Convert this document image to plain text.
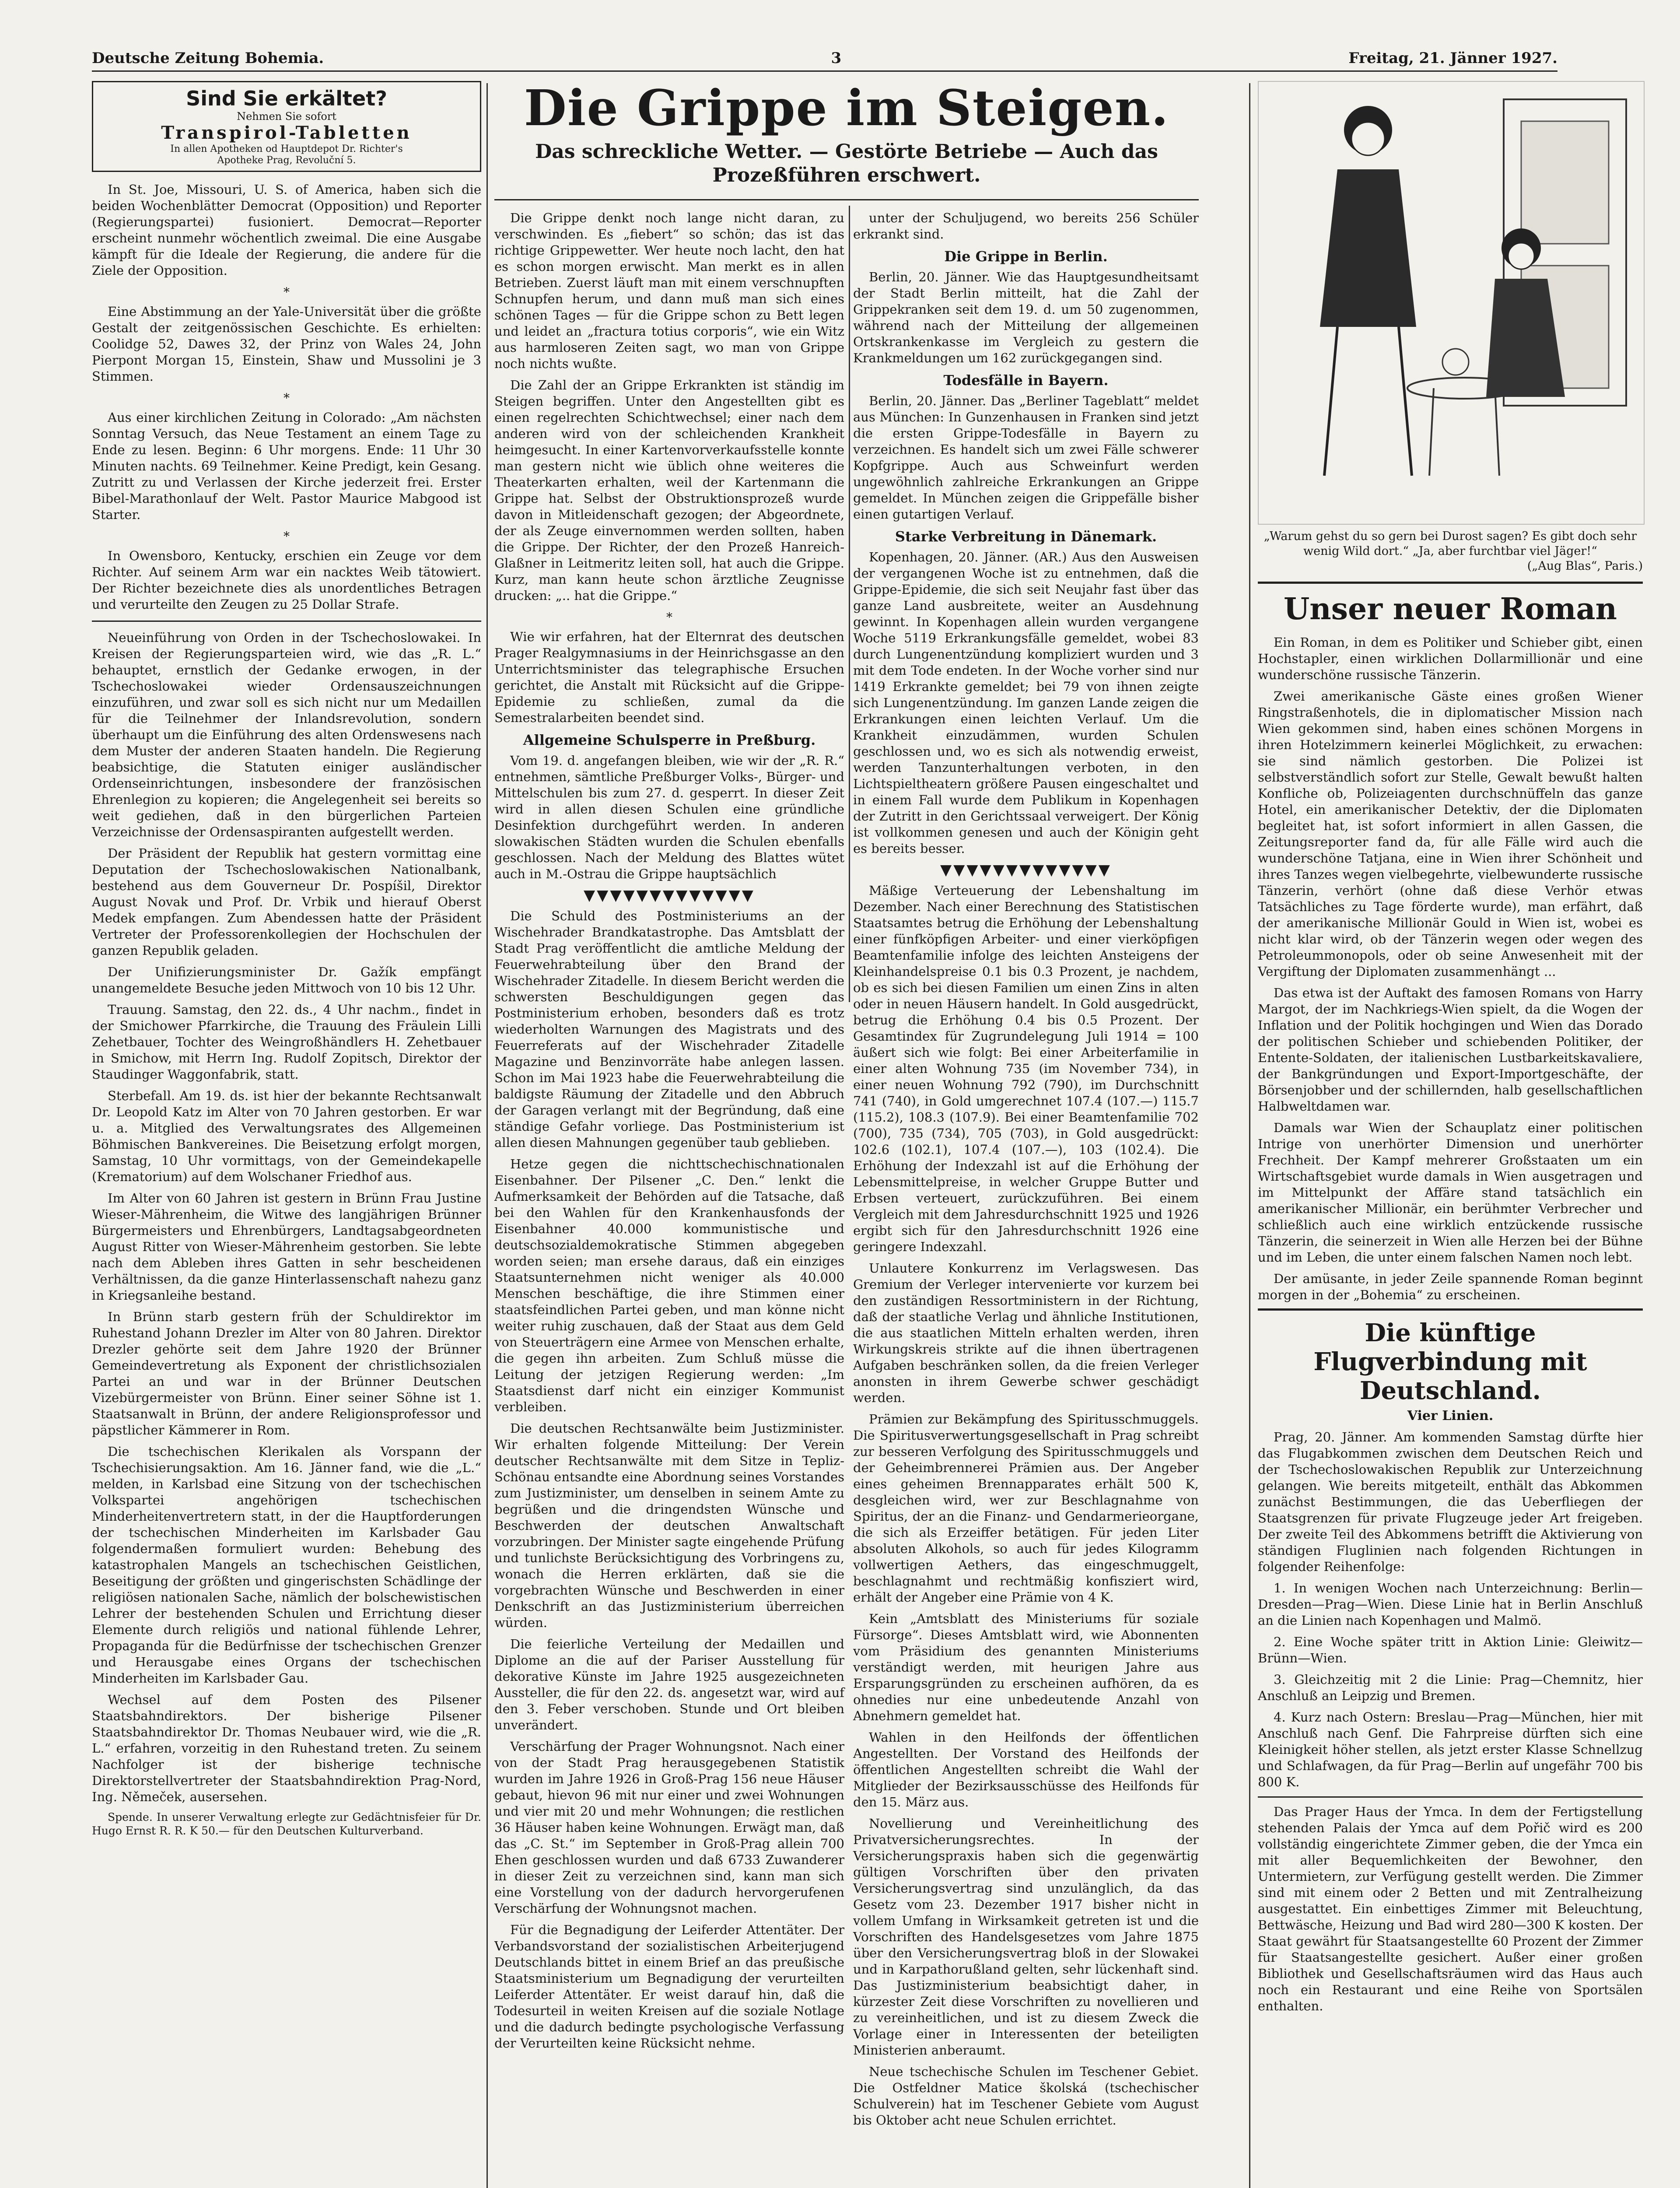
Deutsche Zeitung Bohemia.	3	Freitag, 21. Jänner 1927.
Sind Sie erkältet?
Nehmen Sie sofort
Transpirol-Tabletten
In allen Apotheken od Hauptdepot Dr. Richter's
Apotheke Prag, Revoluční 5.

In St. Joe, Missouri, U. S. of America, haben sich die beiden Wochenblätter Democrat (Opposition) und Reporter (Regierungspartei) fusioniert. Democrat—Reporter erscheint nunmehr wöchentlich zweimal. Die eine Ausgabe kämpft für die Ideale der Regierung, die andere für die Ziele der Opposition.

*

Eine Abstimmung an der Yale-Universität über die größte Gestalt der zeitgenössischen Geschichte. Es erhielten: Coolidge 52, Dawes 32, der Prinz von Wales 24, John Pierpont Morgan 15, Einstein, Shaw und Mussolini je 3 Stimmen.

*

Aus einer kirchlichen Zeitung in Colorado: „Am nächsten Sonntag Versuch, das Neue Testament an einem Tage zu Ende zu lesen. Beginn: 6 Uhr morgens. Ende: 11 Uhr 30 Minuten nachts. 69 Teilnehmer. Keine Predigt, kein Gesang. Zutritt zu und Verlassen der Kirche jederzeit frei. Erster Bibel-Marathonlauf der Welt. Pastor Maurice Mabgood ist Starter.

*

In Owensboro, Kentucky, erschien ein Zeuge vor dem Richter. Auf seinem Arm war ein nacktes Weib tätowiert. Der Richter bezeichnete dies als unordentliches Betragen und verurteilte den Zeugen zu 25 Dollar Strafe.

Neueinführung von Orden in der Tschechoslowakei. In Kreisen der Regierungsparteien wird, wie das „R. L.“ behauptet, ernstlich der Gedanke erwogen, in der Tschechoslowakei wieder Ordensauszeichnungen einzuführen, und zwar soll es sich nicht nur um Medaillen für die Teilnehmer der Inlandsrevolution, sondern überhaupt um die Einführung des alten Ordenswesens nach dem Muster der anderen Staaten handeln. Die Regierung beabsichtige, die Statuten einiger ausländischer Ordenseinrichtungen, insbesondere der französischen Ehrenlegion zu kopieren; die Angelegenheit sei bereits so weit gediehen, daß in den bürgerlichen Parteien Verzeichnisse der Ordensaspiranten aufgestellt werden.

Der Präsident der Republik hat gestern vormittag eine Deputation der Tschechoslowakischen Nationalbank, bestehend aus dem Gouverneur Dr. Pospíšil, Direktor August Novak und Prof. Dr. Vrbik und hierauf Oberst Medek empfangen. Zum Abendessen hatte der Präsident Vertreter der Professorenkollegien der Hochschulen der ganzen Republik geladen.

Der Unifizierungsminister Dr. Gažík empfängt unangemeldete Besuche jeden Mittwoch von 10 bis 12 Uhr.

Trauung. Samstag, den 22. ds., 4 Uhr nachm., findet in der Smichower Pfarrkirche, die Trauung des Fräulein Lilli Zehetbauer, Tochter des Weingroßhändlers H. Zehetbauer in Smichow, mit Herrn Ing. Rudolf Zopitsch, Direktor der Staudinger Waggonfabrik, statt.

Sterbefall. Am 19. ds. ist hier der bekannte Rechtsanwalt Dr. Leopold Katz im Alter von 70 Jahren gestorben. Er war u. a. Mitglied des Verwaltungsrates des Allgemeinen Böhmischen Bankvereines. Die Beisetzung erfolgt morgen, Samstag, 10 Uhr vormittags, von der Gemeindekapelle (Krematorium) auf dem Wolschaner Friedhof aus.

Im Alter von 60 Jahren ist gestern in Brünn Frau Justine Wieser-Mährenheim, die Witwe des langjährigen Brünner Bürgermeisters und Ehrenbürgers, Landtagsabgeordneten August Ritter von Wieser-Mährenheim gestorben. Sie lebte nach dem Ableben ihres Gatten in sehr bescheidenen Verhältnissen, da die ganze Hinterlassenschaft nahezu ganz in Kriegsanleihe bestand.

In Brünn starb gestern früh der Schuldirektor im Ruhestand Johann Drezler im Alter von 80 Jahren. Direktor Drezler gehörte seit dem Jahre 1920 der Brünner Gemeindevertretung als Exponent der christlichsozialen Partei an und war in der Brünner Deutschen Vizebürgermeister von Brünn. Einer seiner Söhne ist 1. Staatsanwalt in Brünn, der andere Religionsprofessor und päpstlicher Kämmerer in Rom.

Die tschechischen Klerikalen als Vorspann der Tschechisierungsaktion. Am 16. Jänner fand, wie die „L.“ melden, in Karlsbad eine Sitzung von der tschechischen Volkspartei angehörigen tschechischen Minderheitenvertretern statt, in der die Hauptforderungen der tschechischen Minderheiten im Karlsbader Gau folgendermaßen formuliert wurden: Behebung des katastrophalen Mangels an tschechischen Geistlichen, Beseitigung der größten und gingerischsten Schädlinge der religiösen nationalen Sache, nämlich der bolschewistischen Lehrer der bestehenden Schulen und Errichtung dieser Elemente durch religiös und national fühlende Lehrer, Propaganda für die Bedürfnisse der tschechischen Grenzer und Herausgabe eines Organs der tschechischen Minderheiten im Karlsbader Gau.

Wechsel auf dem Posten des Pilsener Staatsbahndirektors. Der bisherige Pilsener Staatsbahndirektor Dr. Thomas Neubauer wird, wie die „R. L.“ erfahren, vorzeitig in den Ruhestand treten. Zu seinem Nachfolger ist der bisherige technische Direktorstellvertreter der Staatsbahndirektion Prag-Nord, Ing. Němeček, ausersehen.

Spende. In unserer Verwaltung erlegte zur Gedächtnisfeier für Dr. Hugo Ernst R. R. K 50.— für den Deutschen Kulturverband.

Die Grippe im Steigen.
Das schreckliche Wetter. — Gestörte Betriebe — Auch das Prozeßführen erschwert.

Die Grippe denkt noch lange nicht daran, zu verschwinden. Es „fiebert“ so schön; das ist das richtige Grippewetter. Wer heute noch lacht, den hat es schon morgen erwischt. Man merkt es in allen Betrieben. Zuerst läuft man mit einem verschnupften Schnupfen herum, und dann muß man sich eines schönen Tages — für die Grippe schon zu Bett legen und leidet an „fractura totius corporis“, wie ein Witz aus harmloseren Zeiten sagt, wo man von Grippe noch nichts wußte.

Die Zahl der an Grippe Erkrankten ist ständig im Steigen begriffen. Unter den Angestellten gibt es einen regelrechten Schichtwechsel; einer nach dem anderen wird von der schleichenden Krankheit heimgesucht. In einer Kartenvorverkaufsstelle konnte man gestern nicht wie üblich ohne weiteres die Theaterkarten erhalten, weil der Kartenmann die Grippe hat. Selbst der Obstruktionsprozeß wurde davon in Mitleidenschaft gezogen; der Abgeordnete, der als Zeuge einvernommen werden sollten, haben die Grippe. Der Richter, der den Prozeß Hanreich-Glaßner in Leitmeritz leiten soll, hat auch die Grippe. Kurz, man kann heute schon ärztliche Zeugnisse drucken: „.. hat die Grippe.“

*

Wie wir erfahren, hat der Elternrat des deutschen Prager Realgymnasiums in der Heinrichsgasse an den Unterrichtsminister das telegraphische Ersuchen gerichtet, die Anstalt mit Rücksicht auf die Grippe-Epidemie zu schließen, zumal da die Semestralarbeiten beendet sind.

Allgemeine Schulsperre in Preßburg.

Vom 19. d. angefangen bleiben, wie wir der „R. R.“ entnehmen, sämtliche Preßburger Volks-, Bürger- und Mittelschulen bis zum 27. d. gesperrt. In dieser Zeit wird in allen diesen Schulen eine gründliche Desinfektion durchgeführt werden. In anderen slowakischen Städten wurden die Schulen ebenfalls geschlossen. Nach der Meldung des Blattes wütet auch in M.-Ostrau die Grippe hauptsächlich

▼▼▼▼▼▼▼▼▼▼▼▼▼

Die Schuld des Postministeriums an der Wischehrader Brandkatastrophe. Das Amtsblatt der Stadt Prag veröffentlicht die amtliche Meldung der Feuerwehrabteilung über den Brand der Wischehrader Zitadelle. In diesem Bericht werden die schwersten Beschuldigungen gegen das Postministerium erhoben, besonders daß es trotz wiederholten Warnungen des Magistrats und des Feuerreferats auf der Wischehrader Zitadelle Magazine und Benzinvorräte habe anlegen lassen. Schon im Mai 1923 habe die Feuerwehrabteilung die baldigste Räumung der Zitadelle und den Abbruch der Garagen verlangt mit der Begründung, daß eine ständige Gefahr vorliege. Das Postministerium ist allen diesen Mahnungen gegenüber taub geblieben.

Hetze gegen die nichttschechischnationalen Eisenbahner. Der Pilsener „C. Den.“ lenkt die Aufmerksamkeit der Behörden auf die Tatsache, daß bei den Wahlen für den Krankenhausfonds der Eisenbahner 40.000 kommunistische und deutschsozialdemokratische Stimmen abgegeben worden seien; man ersehe daraus, daß ein einziges Staatsunternehmen nicht weniger als 40.000 Menschen beschäftige, die ihre Stimmen einer staatsfeindlichen Partei geben, und man könne nicht weiter ruhig zuschauen, daß der Staat aus dem Geld von Steuerträgern eine Armee von Menschen erhalte, die gegen ihn arbeiten. Zum Schluß müsse die Leitung der jetzigen Regierung werden: „Im Staatsdienst darf nicht ein einziger Kommunist verbleiben.

Die deutschen Rechtsanwälte beim Justizminister. Wir erhalten folgende Mitteilung: Der Verein deutscher Rechtsanwälte mit dem Sitze in Tepliz-Schönau entsandte eine Abordnung seines Vorstandes zum Justizminister, um denselben in seinem Amte zu begrüßen und die dringendsten Wünsche und Beschwerden der deutschen Anwaltschaft vorzubringen. Der Minister sagte eingehende Prüfung und tunlichste Berücksichtigung des Vorbringens zu, wonach die Herren erklärten, daß sie die vorgebrachten Wünsche und Beschwerden in einer Denkschrift an das Justizministerium überreichen würden.

Die feierliche Verteilung der Medaillen und Diplome an die auf der Pariser Ausstellung für dekorative Künste im Jahre 1925 ausgezeichneten Aussteller, die für den 22. ds. angesetzt war, wird auf den 3. Feber verschoben. Stunde und Ort bleiben unverändert.

Verschärfung der Prager Wohnungsnot. Nach einer von der Stadt Prag herausgegebenen Statistik wurden im Jahre 1926 in Groß-Prag 156 neue Häuser gebaut, hievon 96 mit nur einer und zwei Wohnungen und vier mit 20 und mehr Wohnungen; die restlichen 36 Häuser haben keine Wohnungen. Erwägt man, daß das „C. St.“ im September in Groß-Prag allein 700 Ehen geschlossen wurden und daß 6733 Zuwanderer in dieser Zeit zu verzeichnen sind, kann man sich eine Vorstellung von der dadurch hervorgerufenen Verschärfung der Wohnungsnot machen.

Für die Begnadigung der Leiferder Attentäter. Der Verbandsvorstand der sozialistischen Arbeiterjugend Deutschlands bittet in einem Brief an das preußische Staatsministerium um Begnadigung der verurteilten Leiferder Attentäter. Er weist darauf hin, daß die Todesurteil in weiten Kreisen auf die soziale Notlage und die dadurch bedingte psychologische Verfassung der Verurteilten keine Rücksicht nehme.

unter der Schuljugend, wo bereits 256 Schüler erkrankt sind.

Die Grippe in Berlin.

Berlin, 20. Jänner. Wie das Hauptgesundheitsamt der Stadt Berlin mitteilt, hat die Zahl der Grippekranken seit dem 19. d. um 50 zugenommen, während nach der Mitteilung der allgemeinen Ortskrankenkasse im Vergleich zu gestern die Krankmeldungen um 162 zurückgegangen sind.

Todesfälle in Bayern.

Berlin, 20. Jänner. Das „Berliner Tageblatt“ meldet aus München: In Gunzenhausen in Franken sind jetzt die ersten Grippe-Todesfälle in Bayern zu verzeichnen. Es handelt sich um zwei Fälle schwerer Kopfgrippe. Auch aus Schweinfurt werden ungewöhnlich zahlreiche Erkrankungen an Grippe gemeldet. In München zeigen die Grippefälle bisher einen gutartigen Verlauf.

Starke Verbreitung in Dänemark.

Kopenhagen, 20. Jänner. (AR.) Aus den Ausweisen der vergangenen Woche ist zu entnehmen, daß die Grippe-Epidemie, die sich seit Neujahr fast über das ganze Land ausbreitete, weiter an Ausdehnung gewinnt. In Kopenhagen allein wurden vergangene Woche 5119 Erkrankungsfälle gemeldet, wobei 83 durch Lungenentzündung kompliziert wurden und 3 mit dem Tode endeten. In der Woche vorher sind nur 1419 Erkrankte gemeldet; bei 79 von ihnen zeigte sich Lungenentzündung. Im ganzen Lande zeigen die Erkrankungen einen leichten Verlauf. Um die Krankheit einzudämmen, wurden Schulen geschlossen und, wo es sich als notwendig erweist, werden Tanzunterhaltungen verboten, in den Lichtspieltheatern größere Pausen eingeschaltet und in einem Fall wurde dem Publikum in Kopenhagen der Zutritt in den Gerichtssaal verweigert. Der König ist vollkommen genesen und auch der Königin geht es bereits besser.

▼▼▼▼▼▼▼▼▼▼▼▼▼

Mäßige Verteuerung der Lebenshaltung im Dezember. Nach einer Berechnung des Statistischen Staatsamtes betrug die Erhöhung der Lebenshaltung einer fünfköpfigen Arbeiter- und einer vierköpfigen Beamtenfamilie infolge des leichten Ansteigens der Kleinhandelspreise 0.1 bis 0.3 Prozent, je nachdem, ob es sich bei diesen Familien um einen Zins in alten oder in neuen Häusern handelt. In Gold ausgedrückt, betrug die Erhöhung 0.4 bis 0.5 Prozent. Der Gesamtindex für Zugrundelegung Juli 1914 = 100 äußert sich wie folgt: Bei einer Arbeiterfamilie in einer alten Wohnung 735 (im November 734), in einer neuen Wohnung 792 (790), im Durchschnitt 741 (740), in Gold umgerechnet 107.4 (107.—) 115.7 (115.2), 108.3 (107.9). Bei einer Beamtenfamilie 702 (700), 735 (734), 705 (703), in Gold ausgedrückt: 102.6 (102.1), 107.4 (107.—), 103 (102.4). Die Erhöhung der Indexzahl ist auf die Erhöhung der Lebensmittelpreise, in welcher Gruppe Butter und Erbsen verteuert, zurückzuführen. Bei einem Vergleich mit dem Jahresdurchschnitt 1925 und 1926 ergibt sich für den Jahresdurchschnitt 1926 eine geringere Indexzahl.

Unlautere Konkurrenz im Verlagswesen. Das Gremium der Verleger intervenierte vor kurzem bei den zuständigen Ressortministern in der Richtung, daß der staatliche Verlag und ähnliche Institutionen, die aus staatlichen Mitteln erhalten werden, ihren Wirkungskreis strikte auf die ihnen übertragenen Aufgaben beschränken sollen, da die freien Verleger anonsten in ihrem Gewerbe schwer geschädigt werden.

Prämien zur Bekämpfung des Spiritusschmuggels. Die Spiritusverwertungsgesellschaft in Prag schreibt zur besseren Verfolgung des Spiritusschmuggels und der Geheimbrennerei Prämien aus. Der Angeber eines geheimen Brennapparates erhält 500 K, desgleichen wird, wer zur Beschlagnahme von Spiritus, der an die Finanz- und Gendarmerieorgane, die sich als Erzeiffer betätigen. Für jeden Liter absoluten Alkohols, so auch für jedes Kilogramm vollwertigen Aethers, das eingeschmuggelt, beschlagnahmt und rechtmäßig konfisziert wird, erhält der Angeber eine Prämie von 4 K.

Kein „Amtsblatt des Ministeriums für soziale Fürsorge“. Dieses Amtsblatt wird, wie Abonnenten vom Präsidium des genannten Ministeriums verständigt werden, mit heurigen Jahre aus Ersparungsgründen zu erscheinen aufhören, da es ohnedies nur eine unbedeutende Anzahl von Abnehmern gemeldet hat.

Wahlen in den Heilfonds der öffentlichen Angestellten. Der Vorstand des Heilfonds der öffentlichen Angestellten schreibt die Wahl der Mitglieder der Bezirksausschüsse des Heilfonds für den 15. März aus.

Novellierung und Vereinheitlichung des Privatversicherungsrechtes. In der Versicherungspraxis haben sich die gegenwärtig gültigen Vorschriften über den privaten Versicherungsvertrag sind unzulänglich, da das Gesetz vom 23. Dezember 1917 bisher nicht in vollem Umfang in Wirksamkeit getreten ist und die Vorschriften des Handelsgesetzes vom Jahre 1875 über den Versicherungsvertrag bloß in der Slowakei und in Karpathorußland gelten, sehr lückenhaft sind. Das Justizministerium beabsichtigt daher, in kürzester Zeit diese Vorschriften zu novellieren und zu vereinheitlichen, und ist zu diesem Zweck die Vorlage einer in Interessenten der beteiligten Ministerien anberaumt.

Neue tschechische Schulen im Teschener Gebiet. Die Ostfeldner Matice školská (tschechischer Schulverein) hat im Teschener Gebiete vom August bis Oktober acht neue Schulen errichtet.

„Warum gehst du so gern bei Durost sagen? Es gibt doch sehr wenig Wild dort.“ „Ja, aber furchtbar viel Jäger!“
(„Aug Blas“, Paris.)
Unser neuer Roman

Ein Roman, in dem es Politiker und Schieber gibt, einen Hochstapler, einen wirklichen Dollarmillionär und eine wunderschöne russische Tänzerin.

Zwei amerikanische Gäste eines großen Wiener Ringstraßenhotels, die in diplomatischer Mission nach Wien gekommen sind, haben eines schönen Morgens in ihren Hotelzimmern keinerlei Möglichkeit, zu erwachen: sie sind nämlich gestorben. Die Polizei ist selbstverständlich sofort zur Stelle, Gewalt bewußt halten Konfliche ob, Polizeiagenten durchschnüffeln das ganze Hotel, ein amerikanischer Detektiv, der die Diplomaten begleitet hat, ist sofort informiert in allen Gassen, die Zeitungsreporter fand da, für alle Fälle wird auch die wunderschöne Tatjana, eine in Wien ihrer Schönheit und ihres Tanzes wegen vielbegehrte, vielbewunderte russische Tänzerin, verhört (ohne daß diese Verhör etwas Tatsächliches zu Tage förderte wurde), man erfährt, daß der amerikanische Millionär Gould in Wien ist, wobei es nicht klar wird, ob der Tänzerin wegen oder wegen des Petroleummonopols, oder ob seine Anwesenheit mit der Vergiftung der Diplomaten zusammenhängt ...

Das etwa ist der Auftakt des famosen Romans von Harry Margot, der im Nachkriegs-Wien spielt, da die Wogen der Inflation und der Politik hochgingen und Wien das Dorado der politischen Schieber und schiebenden Politiker, der Entente-Soldaten, der italienischen Lustbarkeitskavaliere, der Bankgründungen und Export-Importgeschäfte, der Börsenjobber und der schillernden, halb gesellschaftlichen Halbweltdamen war.

Damals war Wien der Schauplatz einer politischen Intrige von unerhörter Dimension und unerhörter Frechheit. Der Kampf mehrerer Großstaaten um ein Wirtschaftsgebiet wurde damals in Wien ausgetragen und im Mittelpunkt der Affäre stand tatsächlich ein amerikanischer Millionär, ein berühmter Verbrecher und schließlich auch eine wirklich entzückende russische Tänzerin, die seinerzeit in Wien alle Herzen bei der Bühne und im Leben, die unter einem falschen Namen noch lebt.

Der amüsante, in jeder Zeile spannende Roman beginnt morgen in der „Bohemia“ zu erscheinen.

Die künftige Flugverbindung mit Deutschland.
Vier Linien.

Prag, 20. Jänner. Am kommenden Samstag dürfte hier das Flugabkommen zwischen dem Deutschen Reich und der Tschechoslowakischen Republik zur Unterzeichnung gelangen. Wie bereits mitgeteilt, enthält das Abkommen zunächst Bestimmungen, die das Ueberfliegen der Staatsgrenzen für private Flugzeuge jeder Art freigeben. Der zweite Teil des Abkommens betrifft die Aktivierung von ständigen Fluglinien nach folgenden Richtungen in folgender Reihenfolge:

1. In wenigen Wochen nach Unterzeichnung: Berlin—Dresden—Prag—Wien. Diese Linie hat in Berlin Anschluß an die Linien nach Kopenhagen und Malmö.

2. Eine Woche später tritt in Aktion Linie: Gleiwitz—Brünn—Wien.

3. Gleichzeitig mit 2 die Linie: Prag—Chemnitz, hier Anschluß an Leipzig und Bremen.

4. Kurz nach Ostern: Breslau—Prag—München, hier mit Anschluß nach Genf. Die Fahrpreise dürften sich eine Kleinigkeit höher stellen, als jetzt erster Klasse Schnellzug und Schlafwagen, da für Prag—Berlin auf ungefähr 700 bis 800 K.

Das Prager Haus der Ymca. In dem der Fertigstellung stehenden Palais der Ymca auf dem Pořič wird es 200 vollständig eingerichtete Zimmer geben, die der Ymca ein mit aller Bequemlichkeiten der Bewohner, den Untermietern, zur Verfügung gestellt werden. Die Zimmer sind mit einem oder 2 Betten und mit Zentralheizung ausgestattet. Ein einbettiges Zimmer mit Beleuchtung, Bettwäsche, Heizung und Bad wird 280—300 K kosten. Der Staat gewährt für Staatsangestellte 60 Prozent der Zimmer für Staatsangestellte gesichert. Außer einer großen Bibliothek und Gesellschaftsräumen wird das Haus auch noch ein Restaurant und eine Reihe von Sportsälen enthalten.
